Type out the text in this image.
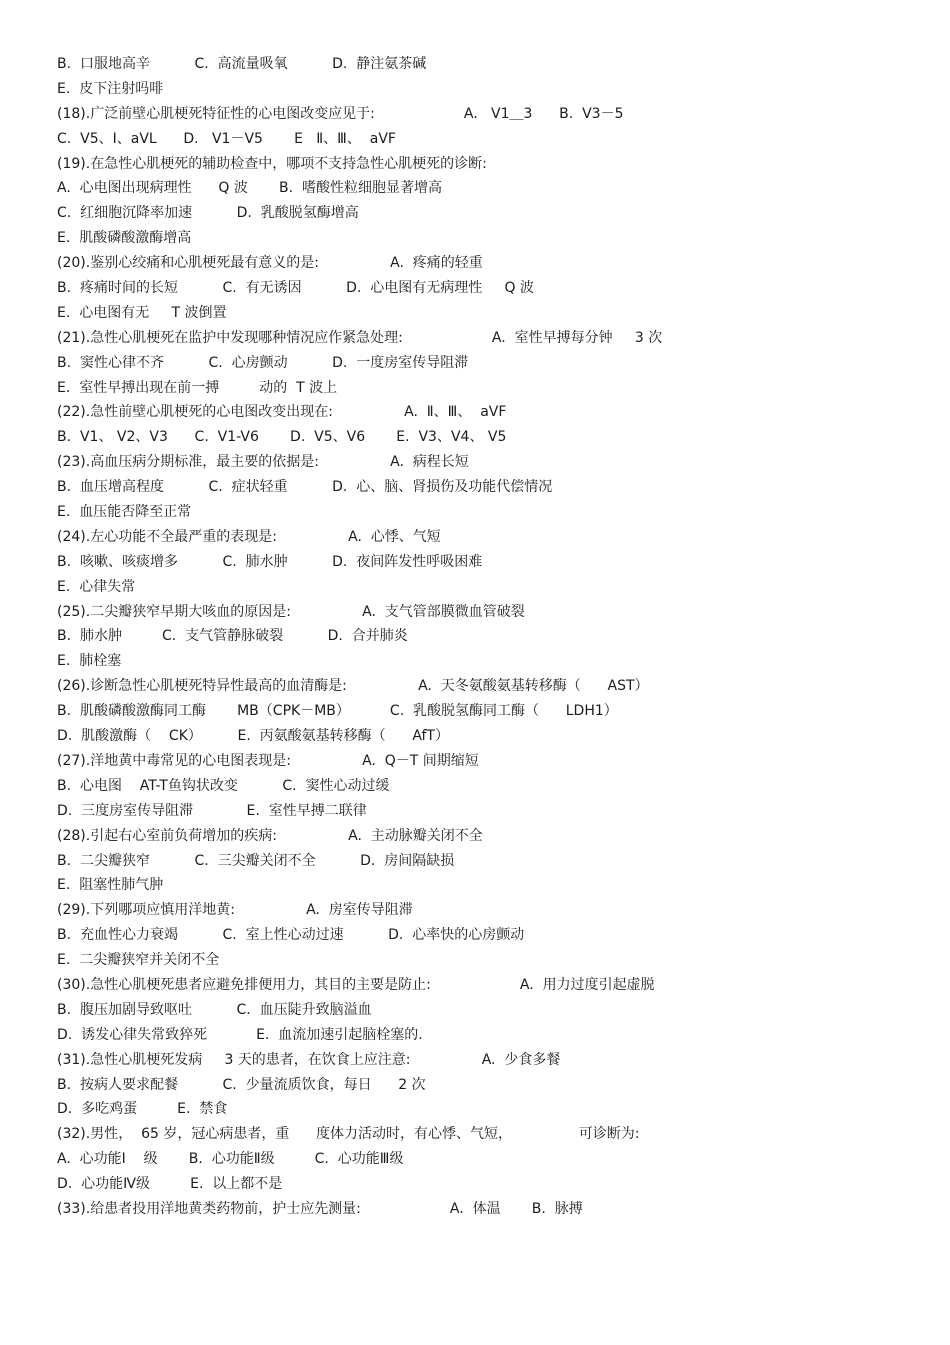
B.  口服地高辛          C.  高流量吸氧          D.  静注氨茶碱
E.  皮下注射吗啡
(18).广泛前壁心肌梗死特征性的心电图改变应见于:                    A.   V1＿3      B.  V3－5
C.  V5、I、aVL      D.   V1－V5       E   Ⅱ、Ⅲ、  aVF
(19).在急性心肌梗死的辅助检查中，哪项不支持急性心肌梗死的诊断:
A.  心电图出现病理性      Q 波       B.  嗜酸性粒细胞显著增高
C.  红细胞沉降率加速          D.  乳酸脱氢酶增高
E.  肌酸磷酸激酶增高
(20).鉴别心绞痛和心肌梗死最有意义的是:                A.  疼痛的轻重
B.  疼痛时间的长短          C.  有无诱因          D.  心电图有无病理性     Q 波
E.  心电图有无     T 波倒置
(21).急性心肌梗死在监护中发现哪种情况应作紧急处理:                    A.  室性早搏每分钟     3 次
B.  窦性心律不齐          C.  心房颤动          D.  一度房室传导阻滞
E.  室性早搏出现在前一搏         动的  T 波上
(22).急性前壁心肌梗死的心电图改变出现在:                A.  Ⅱ、Ⅲ、  aVF
B.  V1、 V2、V3      C.  V1-V6       D.  V5、V6       E.  V3、V4、 V5
(23).高血压病分期标准，最主要的依据是:                A.  病程长短
B.  血压增高程度          C.  症状轻重          D.  心、脑、肾损伤及功能代偿情况
E.  血压能否降至正常
(24).左心功能不全最严重的表现是:                A.  心悸、气短
B.  咳嗽、咳痰增多          C.  肺水肿          D.  夜间阵发性呼吸困难
E.  心律失常
(25).二尖瓣狭窄早期大咳血的原因是:                A.  支气管部膜微血管破裂
B.  肺水肿         C.  支气管静脉破裂          D.  合并肺炎
E.  肺栓塞
(26).诊断急性心肌梗死特异性最高的血清酶是:                A.  天冬氨酸氨基转移酶（      AST）
B.  肌酸磷酸激酶同工酶       MB（CPK－MB）         C.  乳酸脱氢酶同工酶（      LDH1）
D.  肌酸激酶（    CK）        E.  丙氨酸氨基转移酶（      AfT）
(27).洋地黄中毒常见的心电图表现是:                A.  Q－T 间期缩短
B.  心电图    AT-T鱼钩状改变          C.  窦性心动过缓
D.  三度房室传导阻滞            E.  室性早搏二联律
(28).引起右心室前负荷增加的疾病:                A.  主动脉瓣关闭不全
B.  二尖瓣狭窄          C.  三尖瓣关闭不全          D.  房间隔缺损
E.  阻塞性肺气肿
(29).下列哪项应慎用洋地黄:                A.  房室传导阻滞
B.  充血性心力衰竭          C.  室上性心动过速          D.  心率快的心房颤动
E.  二尖瓣狭窄并关闭不全
(30).急性心肌梗死患者应避免排便用力，其目的主要是防止:                    A.  用力过度引起虚脱
B.  腹压加剧导致呕吐          C.  血压陡升致脑溢血
D.  诱发心律失常致猝死           E.  血流加速引起脑栓塞的.
(31).急性心肌梗死发病     3 天的患者，在饮食上应注意:                A.  少食多餐
B.  按病人要求配餐          C.  少量流质饮食，每日      2 次
D.  多吃鸡蛋         E.  禁食
(32).男性，  65 岁，冠心病患者，重      度体力活动时，有心悸、气短，               可诊断为:
A.  心功能Ⅰ    级       B.  心功能Ⅱ级         C.  心功能Ⅲ级
D.  心功能Ⅳ级         E.  以上都不是
(33).给患者投用洋地黄类药物前，护士应先测量:                    A.  体温       B.  脉搏
